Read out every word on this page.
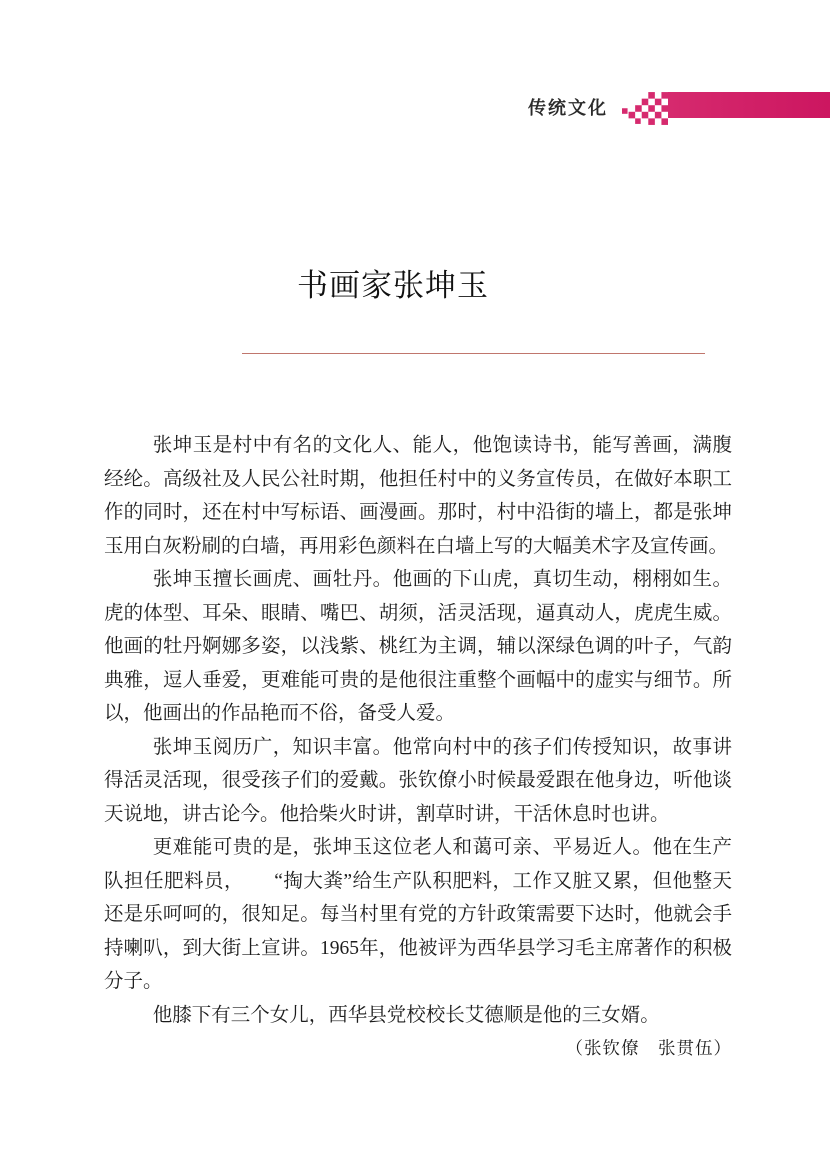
传统文化
书画家张坤玉

张坤玉是村中有名的文化人、能人，他饱读诗书，能写善画，满腹经纶。高级社及人民公社时期，他担任村中的义务宣传员，在做好本职工作的同时，还在村中写标语、画漫画。那时，村中沿街的墙上，都是张坤玉用白灰粉刷的白墙，再用彩色颜料在白墙上写的大幅美术字及宣传画。

张坤玉擅长画虎、画牡丹。他画的下山虎，真切生动，栩栩如生。虎的体型、耳朵、眼睛、嘴巴、胡须，活灵活现，逼真动人，虎虎生威。他画的牡丹婀娜多姿，以浅紫、桃红为主调，辅以深绿色调的叶子，气韵典雅，逗人垂爱，更难能可贵的是他很注重整个画幅中的虚实与细节。所以，他画出的作品艳而不俗，备受人爱。

张坤玉阅历广，知识丰富。他常向村中的孩子们传授知识，故事讲得活灵活现，很受孩子们的爱戴。张钦僚小时候最爱跟在他身边，听他谈天说地，讲古论今。他拾柴火时讲，割草时讲，干活休息时也讲。

更难能可贵的是，张坤玉这位老人和蔼可亲、平易近人。他在生产队担任肥料员，　　“掏大粪”给生产队积肥料，工作又脏又累，但他整天还是乐呵呵的，很知足。每当村里有党的方针政策需要下达时，他就会手持喇叭，到大街上宣讲。1965年，他被评为西华县学习毛主席著作的积极分子。

他膝下有三个女儿，西华县党校校长艾德顺是他的三女婿。

（张钦僚　张贯伍）
